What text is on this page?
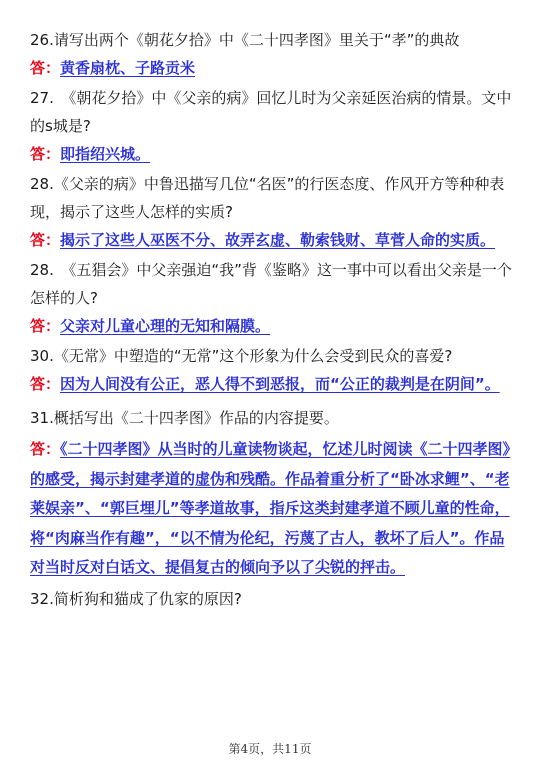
26.请写出两个《朝花夕拾》中《二十四孝图》里关于“孝”的典故

答：黄香扇枕、子路贡米

27.　《朝花夕拾》中《父亲的病》回忆儿时为父亲延医治病的情景。文中的s城是?

答：即指绍兴城。

28.《父亲的病》中鲁迅描写几位“名医”的行医态度、作风开方等种种表现，揭示了这些人怎样的实质?

答：揭示了这些人巫医不分、故弄玄虚、勒索钱财、草菅人命的实质。

28.　《五猖会》中父亲强迫“我”背《鉴略》这一事中可以看出父亲是一个怎样的人?

答：父亲对儿童心理的无知和隔膜。

30.《无常》中塑造的“无常”这个形象为什么会受到民众的喜爱?

答：因为人间没有公正，恶人得不到恶报，而“公正的裁判是在阴间”。

31.概括写出《二十四孝图》作品的内容提要。

答：《二十四孝图》从当时的儿童读物谈起，忆述儿时阅读《二十四孝图》的感受，揭示封建孝道的虚伪和残酷。作品着重分析了“卧冰求鲤”、“老莱娱亲”、“郭巨埋儿”等孝道故事，指斥这类封建孝道不顾儿童的性命，将“肉麻当作有趣”，“以不情为伦纪，污蔑了古人，教坏了后人”。作品对当时反对白话文、提倡复古的倾向予以了尖锐的抨击。

32.简析狗和猫成了仇家的原因?

第4页，共11页
